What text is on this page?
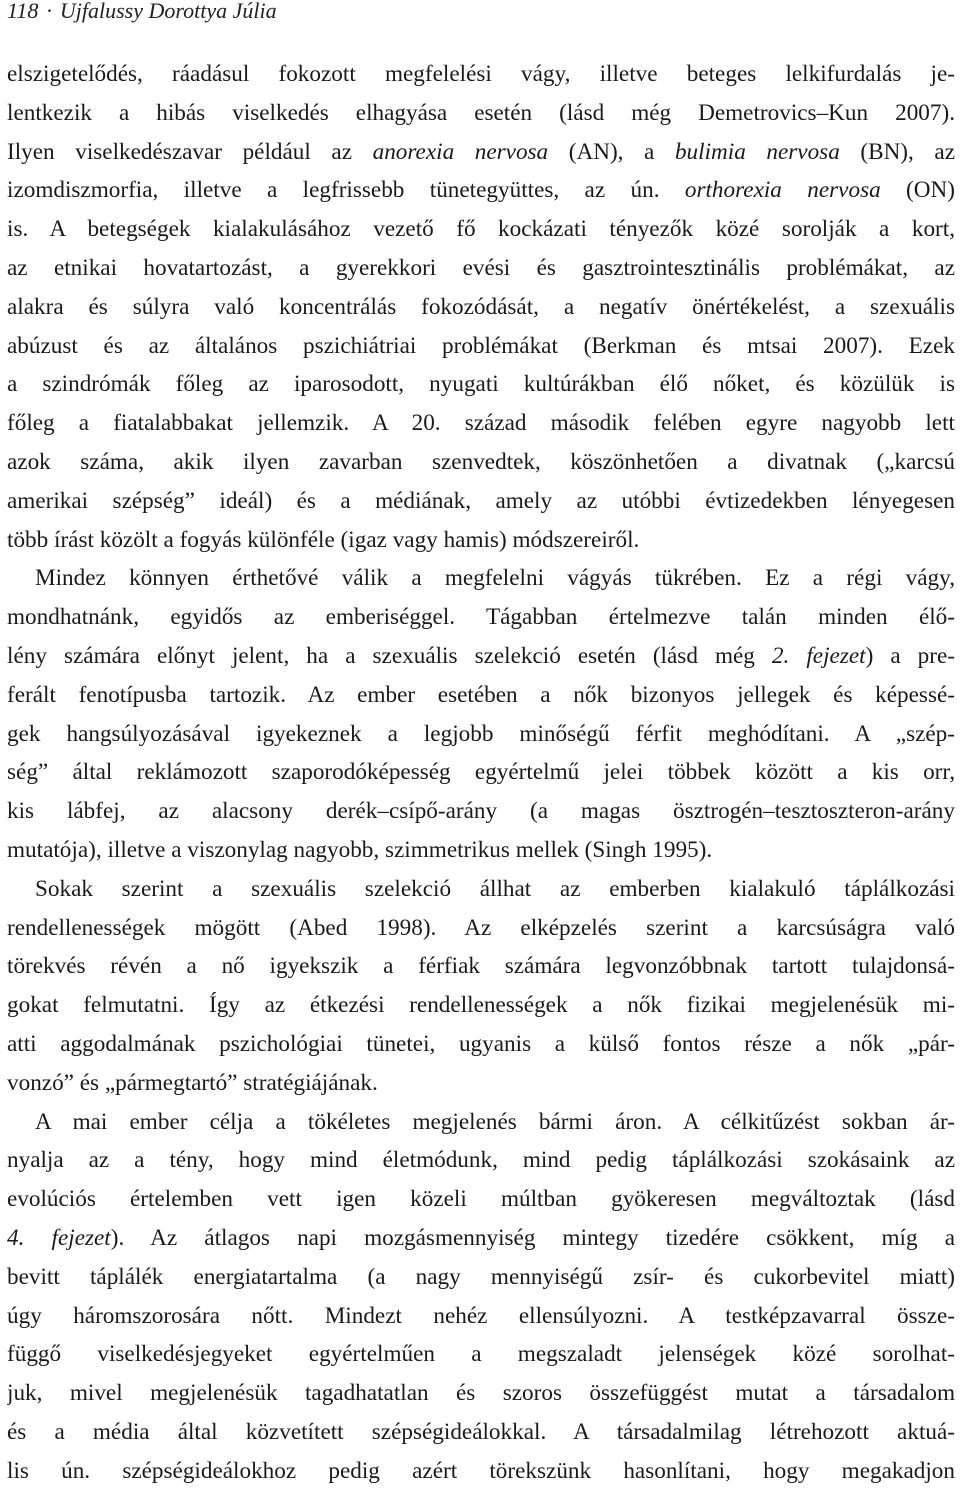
118 · Ujfalussy Dorottya Júlia
elszigetelődés, ráadásul fokozott megfelelési vágy, illetve beteges lelkifurdalás je-
lentkezik a hibás viselkedés elhagyása esetén (lásd még Demetrovics–Kun 2007).
Ilyen viselkedészavar például az anorexia nervosa (AN), a bulimia nervosa (BN), az
izomdiszmorfia, illetve a legfrissebb tünetegyüttes, az ún. orthorexia nervosa (ON)
is. A betegségek kialakulásához vezető fő kockázati tényezők közé sorolják a kort,
az etnikai hovatartozást, a gyerekkori evési és gasztrointesztinális problémákat, az
alakra és súlyra való koncentrálás fokozódását, a negatív önértékelést, a szexuális
abúzust és az általános pszichiátriai problémákat (Berkman és mtsai 2007). Ezek
a szindrómák főleg az iparosodott, nyugati kultúrákban élő nőket, és közülük is
főleg a fiatalabbakat jellemzik. A 20. század második felében egyre nagyobb lett
azok száma, akik ilyen zavarban szenvedtek, köszönhetően a divatnak („karcsú
amerikai szépség” ideál) és a médiának, amely az utóbbi évtizedekben lényegesen
több írást közölt a fogyás különféle (igaz vagy hamis) módszereiről.
Mindez könnyen érthetővé válik a megfelelni vágyás tükrében. Ez a régi vágy,
mondhatnánk, egyidős az emberiséggel. Tágabban értelmezve talán minden élő-
lény számára előnyt jelent, ha a szexuális szelekció esetén (lásd még 2. fejezet) a pre-
ferált fenotípusba tartozik. Az ember esetében a nők bizonyos jellegek és képessé-
gek hangsúlyozásával igyekeznek a legjobb minőségű férfit meghódítani. A „szép-
ség” által reklámozott szaporodóképesség egyértelmű jelei többek között a kis orr,
kis lábfej, az alacsony derék–csípő-arány (a magas ösztrogén–tesztoszteron-arány
mutatója), illetve a viszonylag nagyobb, szimmetrikus mellek (Singh 1995).
Sokak szerint a szexuális szelekció állhat az emberben kialakuló táplálkozási
rendellenességek mögött (Abed 1998). Az elképzelés szerint a karcsúságra való
törekvés révén a nő igyekszik a férfiak számára legvonzóbbnak tartott tulajdonsá-
gokat felmutatni. Így az étkezési rendellenességek a nők fizikai megjelenésük mi-
atti aggodalmának pszichológiai tünetei, ugyanis a külső fontos része a nők „pár-
vonzó” és „pármegtartó” stratégiájának.
A mai ember célja a tökéletes megjelenés bármi áron. A célkitűzést sokban ár-
nyalja az a tény, hogy mind életmódunk, mind pedig táplálkozási szokásaink az
evolúciós értelemben vett igen közeli múltban gyökeresen megváltoztak (lásd
4. fejezet). Az átlagos napi mozgásmennyiség mintegy tizedére csökkent, míg a
bevitt táplálék energiatartalma (a nagy mennyiségű zsír- és cukorbevitel miatt)
úgy háromszorosára nőtt. Mindezt nehéz ellensúlyozni. A testképzavarral össze-
függő viselkedésjegyeket egyértelműen a megszaladt jelenségek közé sorolhat-
juk, mivel megjelenésük tagadhatatlan és szoros összefüggést mutat a társadalom
és a média által közvetített szépségideálokkal. A társadalmilag létrehozott aktuá-
lis ún. szépségideálokhoz pedig azért törekszünk hasonlítani, hogy megakadjon
